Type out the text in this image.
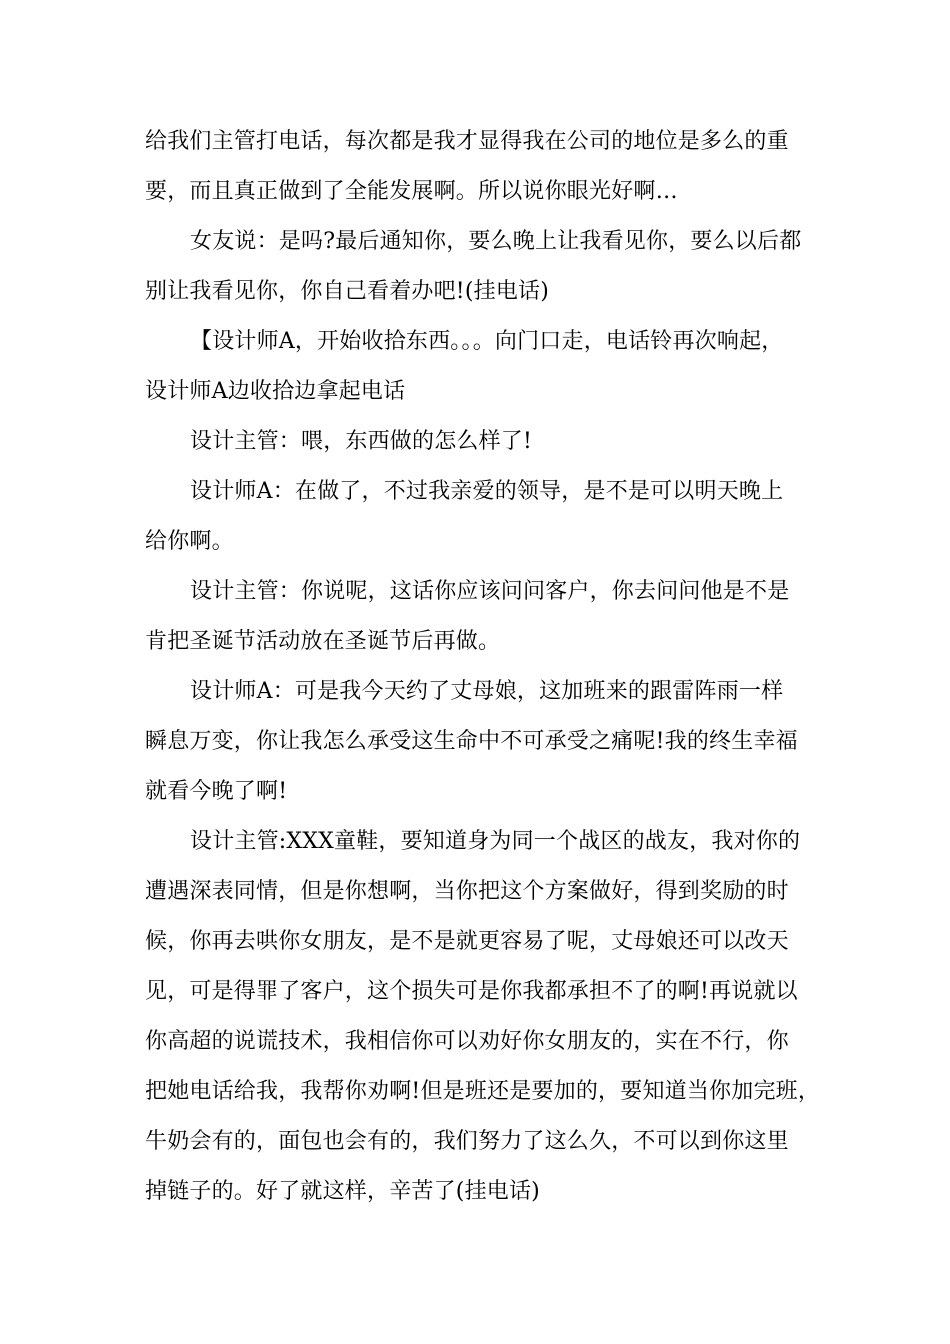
给我们主管打电话，每次都是我才显得我在公司的地位是多么的重
要，而且真正做到了全能发展啊。所以说你眼光好啊…
女友说：是吗?最后通知你，要么晚上让我看见你，要么以后都
别让我看见你，你自己看着办吧!(挂电话)
【设计师A，开始收拾东西。。。向门口走，电话铃再次响起，
设计师A边收拾边拿起电话
设计主管：喂，东西做的怎么样了!
设计师A：在做了，不过我亲爱的领导，是不是可以明天晚上
给你啊。
设计主管：你说呢，这话你应该问问客户，你去问问他是不是
肯把圣诞节活动放在圣诞节后再做。
设计师A：可是我今天约了丈母娘，这加班来的跟雷阵雨一样
瞬息万变，你让我怎么承受这生命中不可承受之痛呢!我的终生幸福
就看今晚了啊!
设计主管:XXX童鞋，要知道身为同一个战区的战友，我对你的
遭遇深表同情，但是你想啊，当你把这个方案做好，得到奖励的时
候，你再去哄你女朋友，是不是就更容易了呢，丈母娘还可以改天
见，可是得罪了客户，这个损失可是你我都承担不了的啊!再说就以
你高超的说谎技术，我相信你可以劝好你女朋友的，实在不行，你
把她电话给我，我帮你劝啊!但是班还是要加的，要知道当你加完班，
牛奶会有的，面包也会有的，我们努力了这么久，不可以到你这里
掉链子的。好了就这样，辛苦了(挂电话)
